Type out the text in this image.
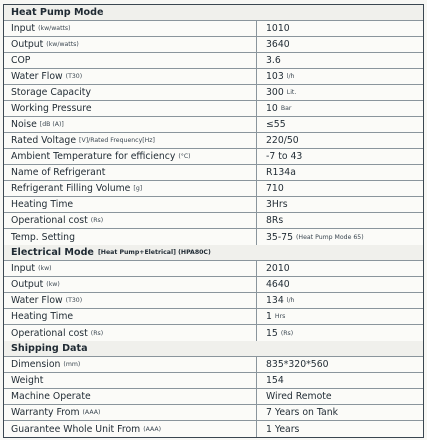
Heat Pump Mode
Input (kw/watts)	1010
Output (kw/watts)	3640
COP	3.6
Water Flow (T30)	103 l/h
Storage Capacity	300 Lit.
Working Pressure	10 Bar
Noise [dB (A)]	≤55
Rated Voltage [V]/Rated Frequency[Hz]	220/50
Ambient Temperature for efficiency (°C)	-7 to 43
Name of Refrigerant	R134a
Refrigerant Filling Volume [g]	710
Heating Time	3Hrs
Operational cost (Rs)	8Rs
Temp. Setting	35-75 (Heat Pump Mode 65)
Electrical Mode [Heat Pump+Eletrical] (HPA80C)
Input (kw)	2010
Output (kw)	4640
Water Flow (T30)	134 l/h
Heating Time	1 Hrs
Operational cost (Rs)	15 (Rs)
Shipping Data
Dimension (mm)	835*320*560
Weight	154
Machine Operate	Wired Remote
Warranty From (AAA)	7 Years on Tank
Guarantee Whole Unit From (AAA)	1 Years
